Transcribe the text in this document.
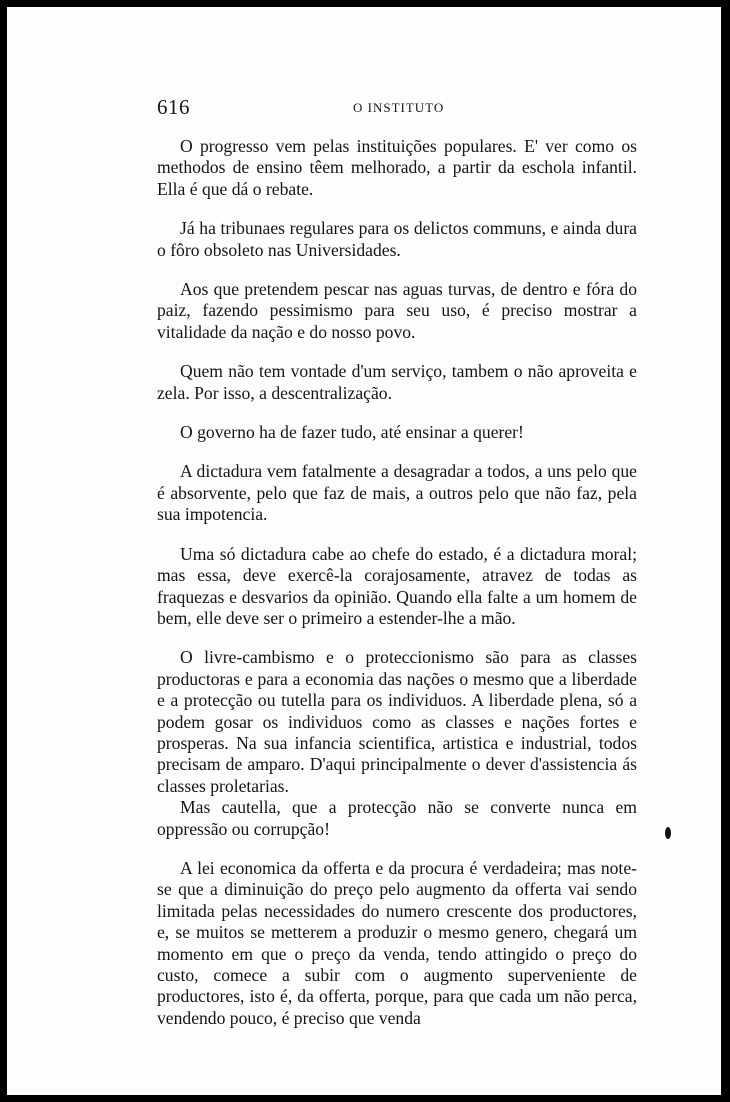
616	O INSTITUTO

O progresso vem pelas instituições populares. E' ver como os methodos de ensino têem melhorado, a partir da eschola infantil. Ella é que dá o rebate.

Já ha tribunaes regulares para os delictos communs, e ainda dura o fôro obsoleto nas Universidades.

Aos que pretendem pescar nas aguas turvas, de dentro e fóra do paiz, fazendo pessimismo para seu uso, é preciso mostrar a vitalidade da nação e do nosso povo.

Quem não tem vontade d'um serviço, tambem o não aproveita e zela. Por isso, a descentralização.

O governo ha de fazer tudo, até ensinar a querer!

A dictadura vem fatalmente a desagradar a todos, a uns pelo que é absorvente, pelo que faz de mais, a outros pelo que não faz, pela sua impotencia.

Uma só dictadura cabe ao chefe do estado, é a dictadura moral; mas essa, deve exercê-la corajosamente, atravez de todas as fraquezas e desvarios da opinião. Quando ella falte a um homem de bem, elle deve ser o primeiro a estender-lhe a mão.

O livre-cambismo e o proteccionismo são para as classes productoras e para a economia das nações o mesmo que a liberdade e a protecção ou tutella para os individuos. A liberdade plena, só a podem gosar os individuos como as classes e nações fortes e prosperas. Na sua infancia scientifica, artistica e industrial, todos precisam de amparo. D'aqui principalmente o dever d'assistencia ás classes proletarias.

Mas cautella, que a protecção não se converte nunca em oppressão ou corrupção!

A lei economica da offerta e da procura é verdadeira; mas note-se que a diminuição do preço pelo augmento da offerta vai sendo limitada pelas necessidades do numero crescente dos productores, e, se muitos se metterem a produzir o mesmo genero, chegará um momento em que o preço da venda, tendo attingido o preço do custo, comece a subir com o augmento superveniente de productores, isto é, da offerta, porque, para que cada um não perca, vendendo pouco, é preciso que venda
